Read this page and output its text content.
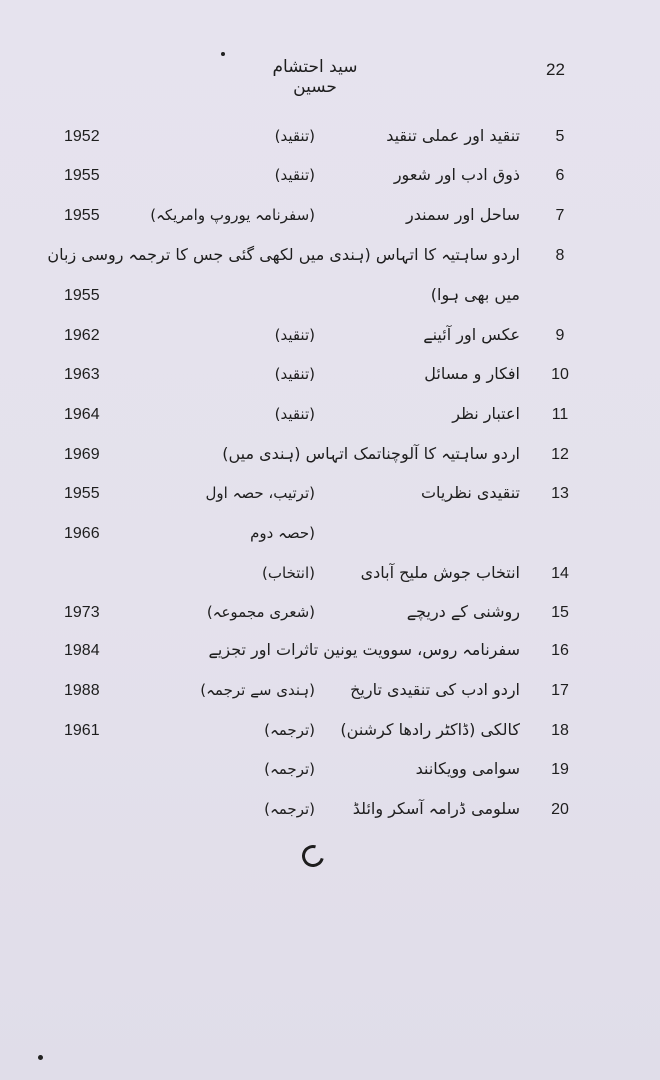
22
سید احتشام حسین
5
تنقید اور عملی تنقید
(تنقید)
1952
6
ذوق ادب اور شعور
(تنقید)
1955
7
ساحل اور سمندر
(سفرنامہ یوروپ وامریکہ)
1955
8
اردو ساہتیہ کا اتہاس (ہندی میں لکھی گئی جس کا ترجمہ روسی زبان
میں بھی ہوا)
1955
9
عکس اور آئینے
(تنقید)
1962
10
افکار و مسائل
(تنقید)
1963
11
اعتبار نظر
(تنقید)
1964
12
اردو ساہتیہ کا آلوچناتمک اتہاس (ہندی میں)
1969
13
تنقیدی نظریات
(ترتیب، حصہ اول
1955
(حصہ دوم
1966
14
انتخاب جوش ملیح آبادی
(انتخاب)
15
روشنی کے دریچے
(شعری مجموعہ)
1973
16
سفرنامہ روس، سوویت یونین تاثرات اور تجزیے
1984
17
اردو ادب کی تنقیدی تاریخ
(ہندی سے ترجمہ)
1988
18
کالکی (ڈاکٹر رادھا کرشنن)
(ترجمہ)
1961
19
سوامی وویکانند
(ترجمہ)
20
سلومی ڈرامہ آسکر وائلڈ
(ترجمہ)
